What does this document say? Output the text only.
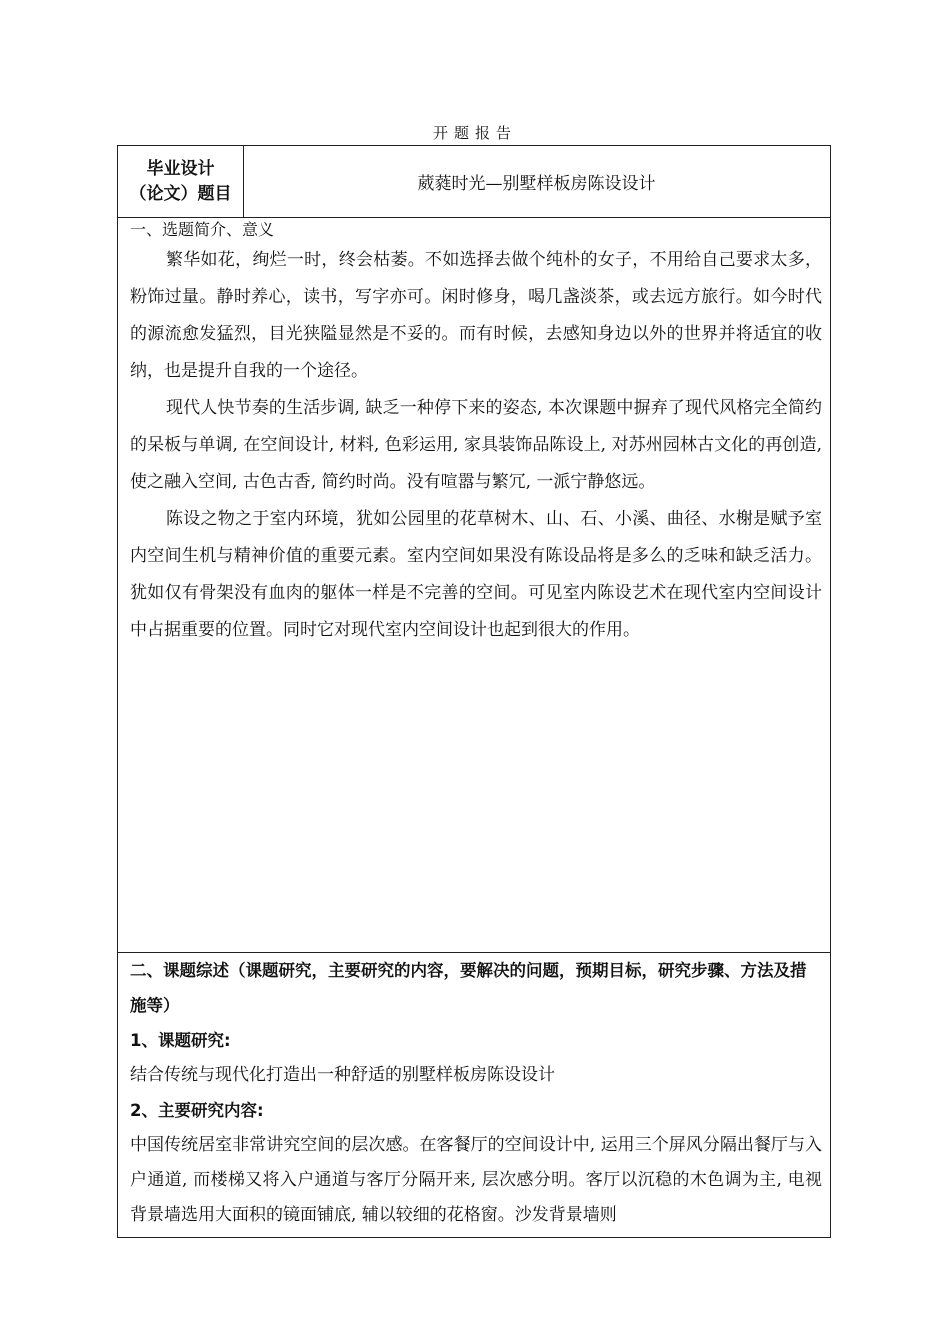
开题报告
毕业设计
（论文）题目	葳蕤时光—别墅样板房陈设设计

一、选题简介、意义

繁华如花，绚烂一时，终会枯萎。不如选择去做个纯朴的女子，不用给自己要求太多，粉饰过量。静时养心，读书，写字亦可。闲时修身，喝几盏淡茶，或去远方旅行。如今时代的源流愈发猛烈，目光狭隘显然是不妥的。而有时候，去感知身边以外的世界并将适宜的收纳，也是提升自我的一个途径。

现代人快节奏的生活步调, 缺乏一种停下来的姿态, 本次课题中摒弃了现代风格完全简约的呆板与单调, 在空间设计, 材料, 色彩运用, 家具装饰品陈设上, 对苏州园林古文化的再创造, 使之融入空间, 古色古香, 简约时尚。没有喧嚣与繁冗, 一派宁静悠远。

陈设之物之于室内环境，犹如公园里的花草树木、山、石、小溪、曲径、水榭是赋予室内空间生机与精神价值的重要元素。室内空间如果没有陈设品将是多么的乏味和缺乏活力。犹如仅有骨架没有血肉的躯体一样是不完善的空间。可见室内陈设艺术在现代室内空间设计中占据重要的位置。同时它对现代室内空间设计也起到很大的作用。

二、课题综述（课题研究，主要研究的内容，要解决的问题，预期目标，研究步骤、方法及措施等）

1、课题研究:

结合传统与现代化打造出一种舒适的别墅样板房陈设设计

2、主要研究内容:

中国传统居室非常讲究空间的层次感。在客餐厅的空间设计中, 运用三个屏风分隔出餐厅与入户通道, 而楼梯又将入户通道与客厅分隔开来, 层次感分明。客厅以沉稳的木色调为主, 电视背景墙选用大面积的镜面铺底, 辅以较细的花格窗。沙发背景墙则
